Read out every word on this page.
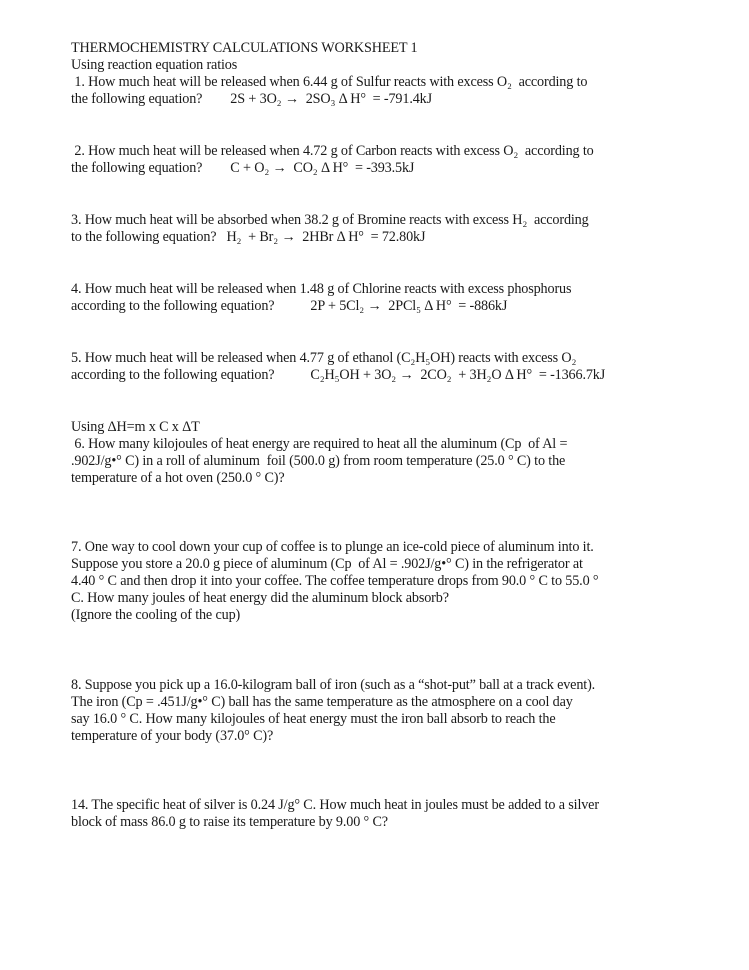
THERMOCHEMISTRY CALCULATIONS WORKSHEET 1
Using reaction equation ratios
1. How much heat will be released when 6.44 g of Sulfur reacts with excess O₂  according to
the following equation? 2S + 3O₂ →  2SO₃ Δ H°  = -791.4kJ
2. How much heat will be released when 4.72 g of Carbon reacts with excess O₂  according to
the following equation? C + O₂ →  CO₂ Δ H°  = -393.5kJ
3. How much heat will be absorbed when 38.2 g of Bromine reacts with excess H₂  according
to the following equation? H₂  + Br₂ →  2HBr Δ H°  = 72.80kJ
4. How much heat will be released when 1.48 g of Chlorine reacts with excess phosphorus
according to the following equation?	2P + 5Cl₂ →  2PCl₅ Δ H°  = -886kJ
5. How much heat will be released when 4.77 g of ethanol (C₂H₅OH) reacts with excess O₂
according to the following equation?	C₂H₅OH + 3O₂ →  2CO₂  + 3H₂O Δ H°  = -1366.7kJ
Using ΔH=m x C x ΔT
6. How many kilojoules of heat energy are required to heat all the aluminum (Cp  of Al =
.902J/g•° C) in a roll of aluminum  foil (500.0 g) from room temperature (25.0 ° C) to the
temperature of a hot oven (250.0 ° C)?
7. One way to cool down your cup of coffee is to plunge an ice-cold piece of aluminum into it.
Suppose you store a 20.0 g piece of aluminum (Cp  of Al = .902J/g•° C) in the refrigerator at
4.40 ° C and then drop it into your coffee. The coffee temperature drops from 90.0 ° C to 55.0 °
C. How many joules of heat energy did the aluminum block absorb?
(Ignore the cooling of the cup)
8. Suppose you pick up a 16.0-kilogram ball of iron (such as a “shot-put” ball at a track event).
The iron (Cp = .451J/g•° C) ball has the same temperature as the atmosphere on a cool day
say 16.0 ° C. How many kilojoules of heat energy must the iron ball absorb to reach the
temperature of your body (37.0° C)?
14. The specific heat of silver is 0.24 J/g° C. How much heat in joules must be added to a silver
block of mass 86.0 g to raise its temperature by 9.00 ° C?
